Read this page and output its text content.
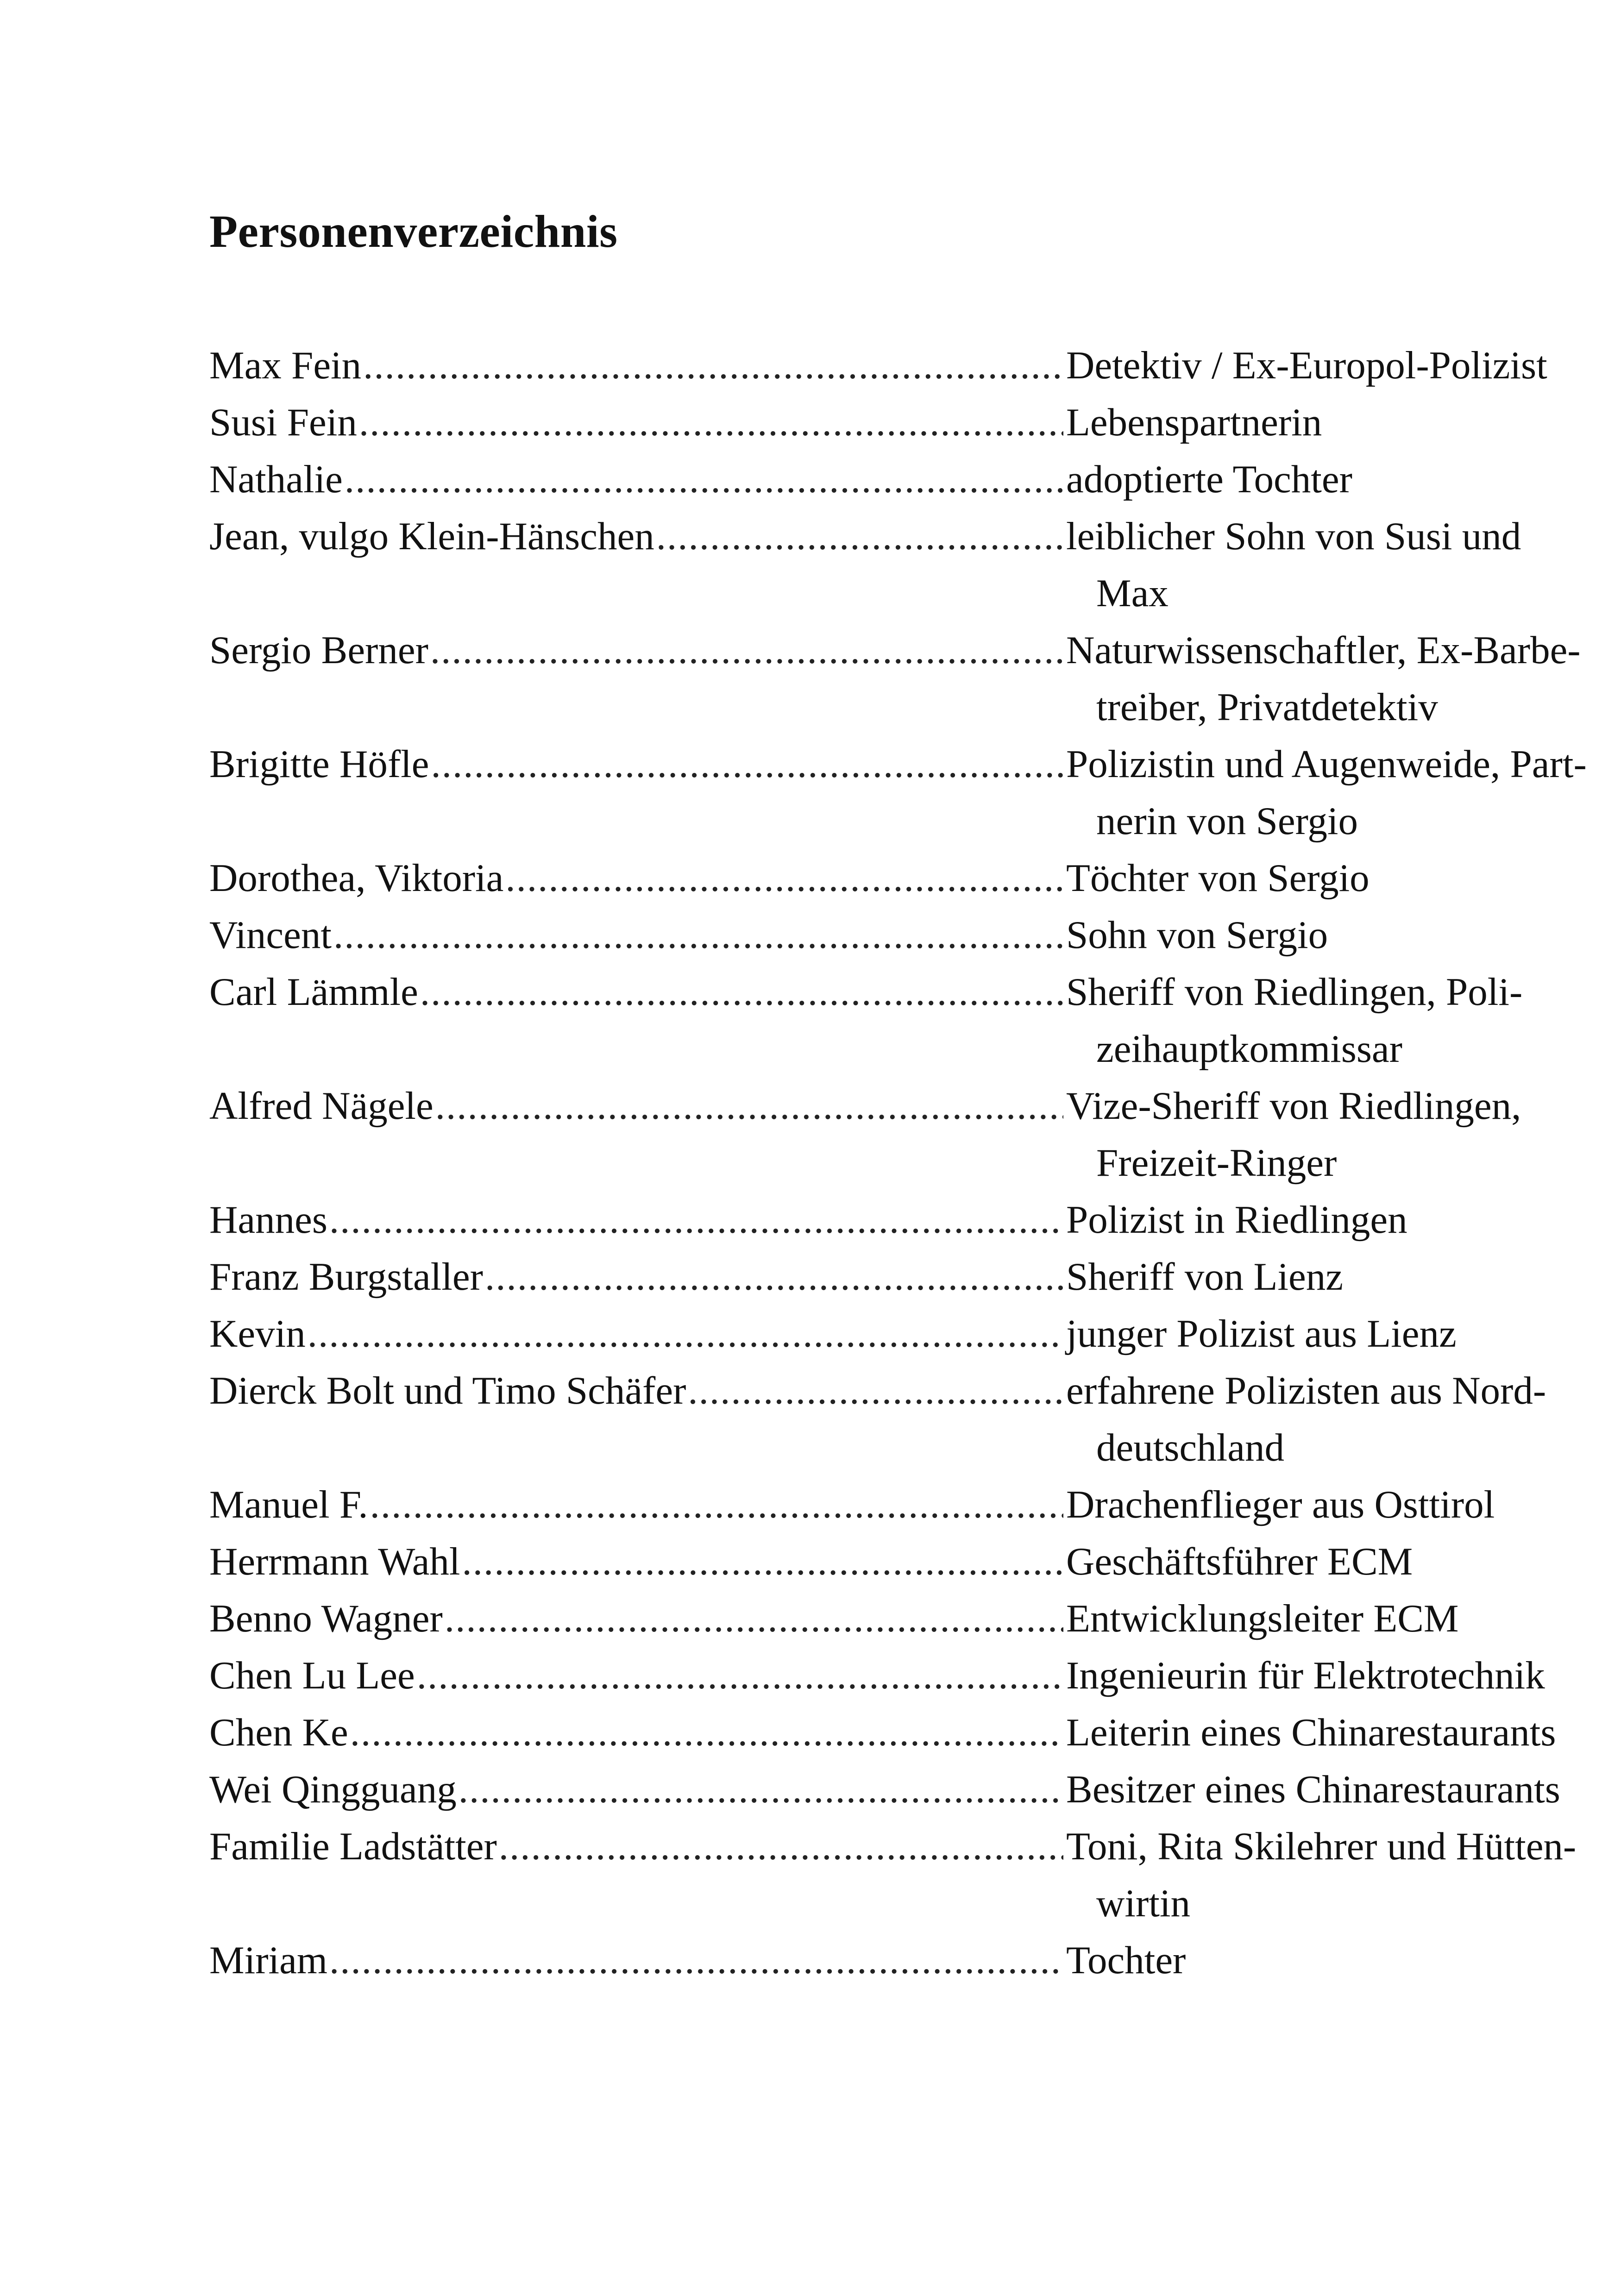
Personenverzeichnis
Max Fein .....	Detektiv / Ex-Europol-Polizist
Susi Fein .....	Lebenspartnerin
Nathalie .....	adoptierte Tochter
Jean, vulgo Klein-Hänschen .....	leiblicher Sohn von Susi und
Max
Sergio Berner .....	Naturwissenschaftler, Ex-Barbe-
treiber, Privatdetektiv
Brigitte Höfle .....	Polizistin und Augenweide, Part-
nerin von Sergio
Dorothea, Viktoria .....	Töchter von Sergio
Vincent .....	Sohn von Sergio
Carl Lämmle .....	Sheriff von Riedlingen, Poli-
zeihauptkommissar
Alfred Nägele .....	Vize-Sheriff von Riedlingen,
Freizeit-Ringer
Hannes .....	Polizist in Riedlingen
Franz Burgstaller .....	Sheriff von Lienz
Kevin .....	junger Polizist aus Lienz
Dierck Bolt und Timo Schäfer .....	erfahrene Polizisten aus Nord-
deutschland
Manuel F. .....	Drachenflieger aus Osttirol
Herrmann Wahl .....	Geschäftsführer ECM
Benno Wagner .....	Entwicklungsleiter ECM
Chen Lu Lee .....	Ingenieurin für Elektrotechnik
Chen Ke .....	Leiterin eines Chinarestaurants
Wei Qingguang .....	Besitzer eines Chinarestaurants
Familie Ladstätter .....	Toni, Rita Skilehrer und Hütten-
wirtin
Miriam .....	Tochter
